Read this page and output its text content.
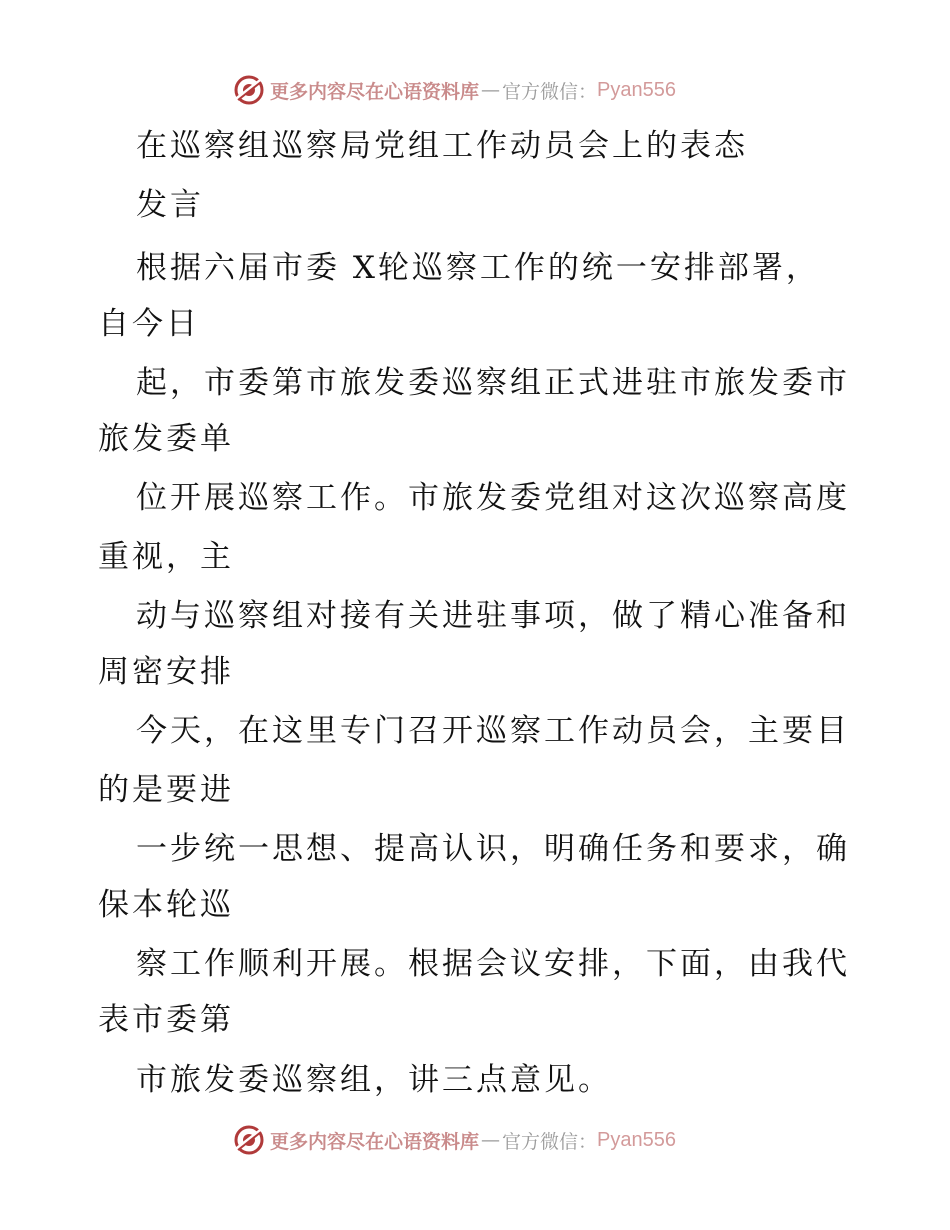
更多内容尽在心语资料库 — 官方微信： Pyan556
在巡察组巡察局党组工作动员会上的表态
发言
根据六届市委 X轮巡察工作的统一安排部署，
自今日
起，市委第市旅发委巡察组正式进驻市旅发委市
旅发委单
位开展巡察工作。市旅发委党组对这次巡察高度
重视，主
动与巡察组对接有关进驻事项，做了精心准备和
周密安排
今天，在这里专门召开巡察工作动员会，主要目
的是要进
一步统一思想、提高认识，明确任务和要求，确
保本轮巡
察工作顺利开展。根据会议安排，下面，由我代
表市委第
市旅发委巡察组，讲三点意见。
更多内容尽在心语资料库 — 官方微信： Pyan556
